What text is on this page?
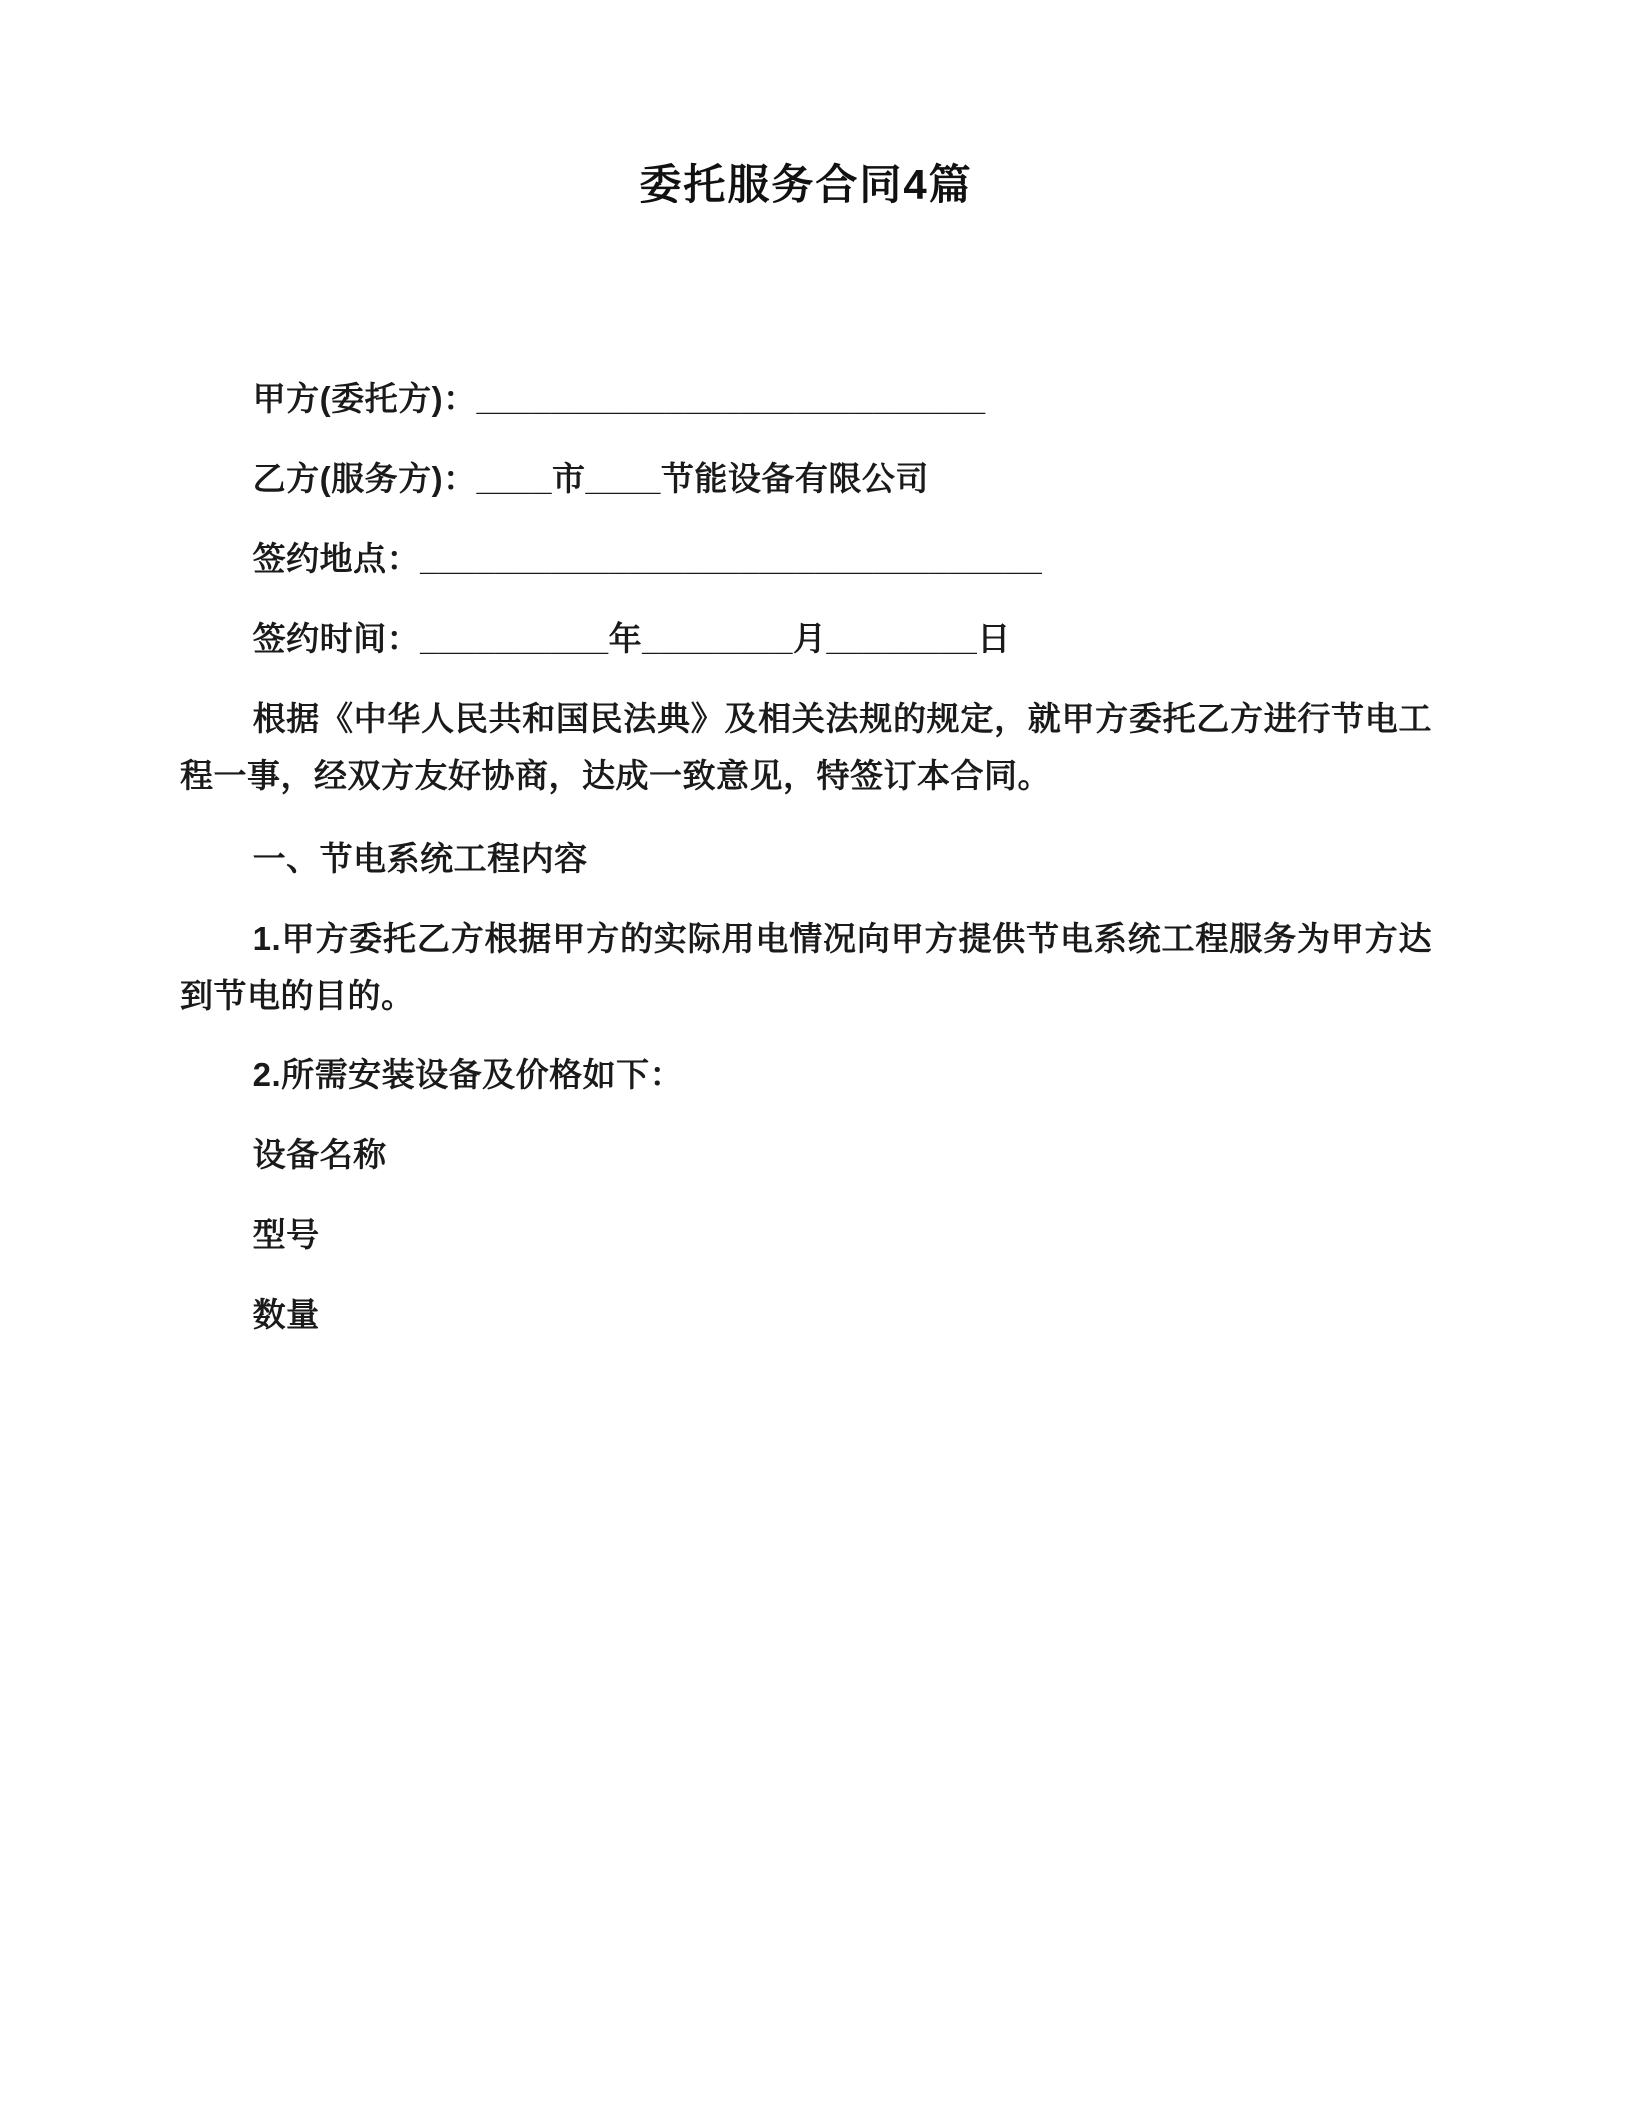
委托服务合同4篇

甲方(委托方)：___________________________

乙方(服务方)：____市____节能设备有限公司

签约地点：_________________________________

签约时间：__________年________月________日

根据《中华人民共和国民法典》及相关法规的规定，就甲方委托乙方进行节电工程一事，经双方友好协商，达成一致意见，特签订本合同。

一、节电系统工程内容

1.甲方委托乙方根据甲方的实际用电情况向甲方提供节电系统工程服务为甲方达到节电的目的。

2.所需安装设备及价格如下：

设备名称

型号

数量
